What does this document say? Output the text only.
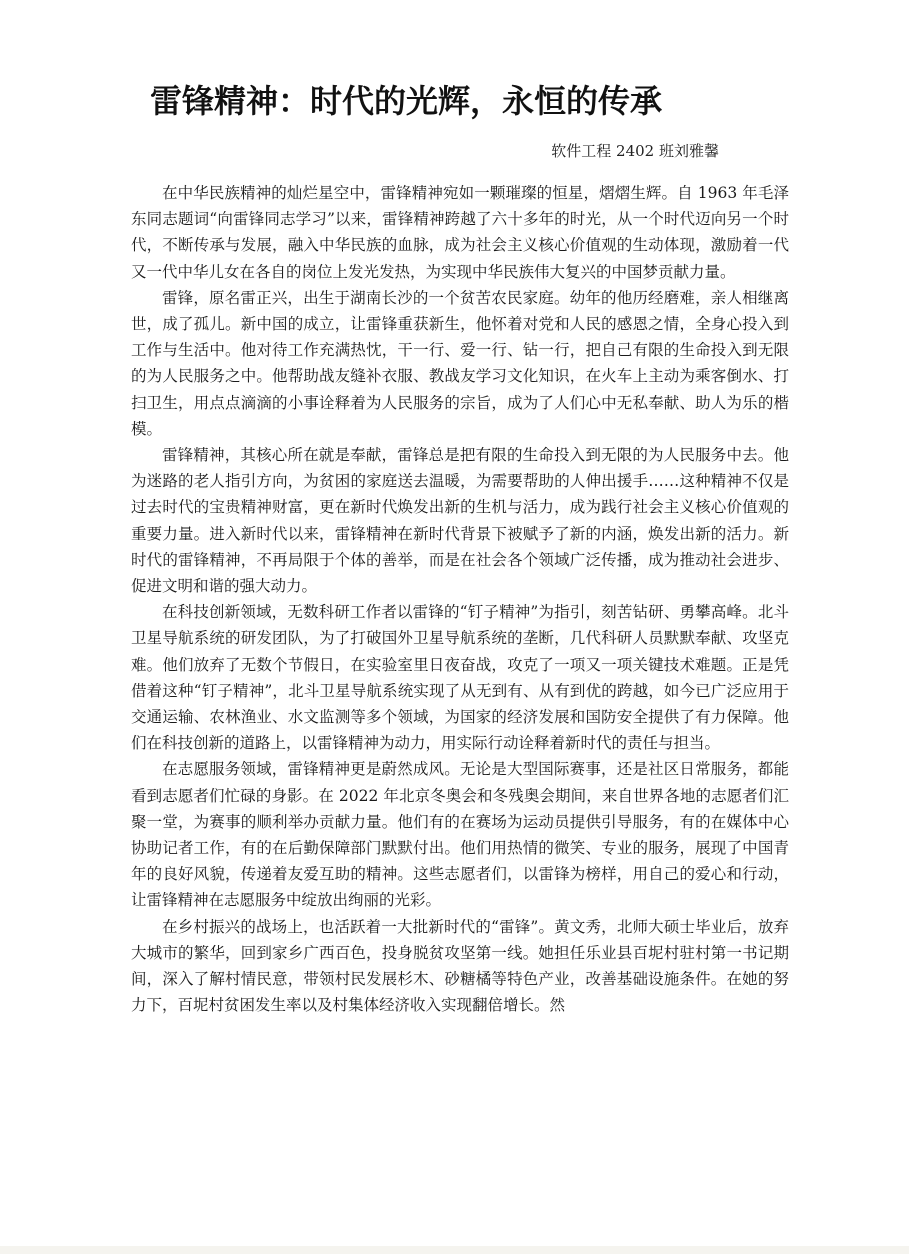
雷锋精神：时代的光辉，永恒的传承
软件工程 2402 班刘雅馨

在中华民族精神的灿烂星空中，雷锋精神宛如一颗璀璨的恒星，熠熠生辉。自 1963 年毛泽东同志题词“向雷锋同志学习”以来，雷锋精神跨越了六十多年的时光，从一个时代迈向另一个时代，不断传承与发展，融入中华民族的血脉，成为社会主义核心价值观的生动体现，激励着一代又一代中华儿女在各自的岗位上发光发热，为实现中华民族伟大复兴的中国梦贡献力量。

雷锋，原名雷正兴，出生于湖南长沙的一个贫苦农民家庭。幼年的他历经磨难，亲人相继离世，成了孤儿。新中国的成立，让雷锋重获新生，他怀着对党和人民的感恩之情，全身心投入到工作与生活中。他对待工作充满热忱，干一行、爱一行、钻一行，把自己有限的生命投入到无限的为人民服务之中。他帮助战友缝补衣服、教战友学习文化知识，在火车上主动为乘客倒水、打扫卫生，用点点滴滴的小事诠释着为人民服务的宗旨，成为了人们心中无私奉献、助人为乐的楷模。

雷锋精神，其核心所在就是奉献，雷锋总是把有限的生命投入到无限的为人民服务中去。他为迷路的老人指引方向，为贫困的家庭送去温暖，为需要帮助的人伸出援手……这种精神不仅是过去时代的宝贵精神财富，更在新时代焕发出新的生机与活力，成为践行社会主义核心价值观的重要力量。进入新时代以来，雷锋精神在新时代背景下被赋予了新的内涵，焕发出新的活力。新时代的雷锋精神，不再局限于个体的善举，而是在社会各个领域广泛传播，成为推动社会进步、促进文明和谐的强大动力。

在科技创新领域，无数科研工作者以雷锋的“钉子精神”为指引，刻苦钻研、勇攀高峰。北斗卫星导航系统的研发团队，为了打破国外卫星导航系统的垄断，几代科研人员默默奉献、攻坚克难。他们放弃了无数个节假日，在实验室里日夜奋战，攻克了一项又一项关键技术难题。正是凭借着这种“钉子精神”，北斗卫星导航系统实现了从无到有、从有到优的跨越，如今已广泛应用于交通运输、农林渔业、水文监测等多个领域，为国家的经济发展和国防安全提供了有力保障。他们在科技创新的道路上，以雷锋精神为动力，用实际行动诠释着新时代的责任与担当。

在志愿服务领域，雷锋精神更是蔚然成风。无论是大型国际赛事，还是社区日常服务，都能看到志愿者们忙碌的身影。在 2022 年北京冬奥会和冬残奥会期间，来自世界各地的志愿者们汇聚一堂，为赛事的顺利举办贡献力量。他们有的在赛场为运动员提供引导服务，有的在媒体中心协助记者工作，有的在后勤保障部门默默付出。他们用热情的微笑、专业的服务，展现了中国青年的良好风貌，传递着友爱互助的精神。这些志愿者们，以雷锋为榜样，用自己的爱心和行动，让雷锋精神在志愿服务中绽放出绚丽的光彩。

在乡村振兴的战场上，也活跃着一大批新时代的“雷锋”。黄文秀，北师大硕士毕业后，放弃大城市的繁华，回到家乡广西百色，投身脱贫攻坚第一线。她担任乐业县百坭村驻村第一书记期间，深入了解村情民意，带领村民发展杉木、砂糖橘等特色产业，改善基础设施条件。在她的努力下，百坭村贫困发生率以及村集体经济收入实现翻倍增长。然
